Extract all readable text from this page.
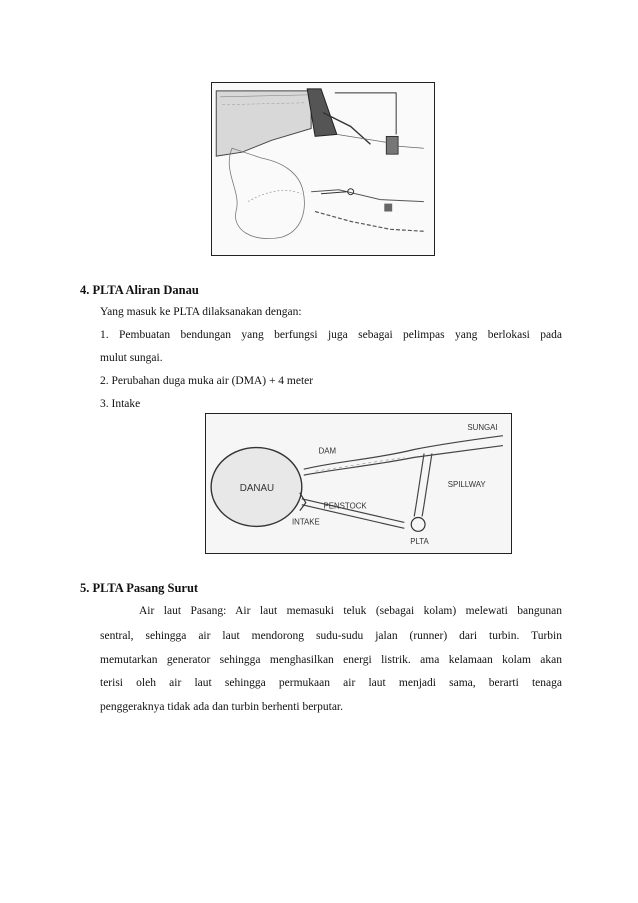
4. PLTA Aliran Danau
Yang masuk ke PLTA dilaksanakan dengan:
1. Pembuatan bendungan yang berfungsi juga sebagai pelimpas yang berlokasi pada
mulut sungai.
2. Perubahan duga muka air (DMA) + 4 meter
3. Intake
DANAU
DAM
SUNGAI
SPILLWAY
PENSTOCK
INTAKE
PLTA
5. PLTA Pasang Surut
Air laut Pasang: Air laut memasuki teluk (sebagai kolam) melewati bangunan
sentral, sehingga air laut mendorong sudu-sudu jalan (runner) dari turbin. Turbin
memutarkan generator sehingga menghasilkan energi listrik. ama kelamaan kolam akan
terisi oleh air laut sehingga permukaan air laut menjadi sama, berarti tenaga
penggeraknya tidak ada dan turbin berhenti berputar.
